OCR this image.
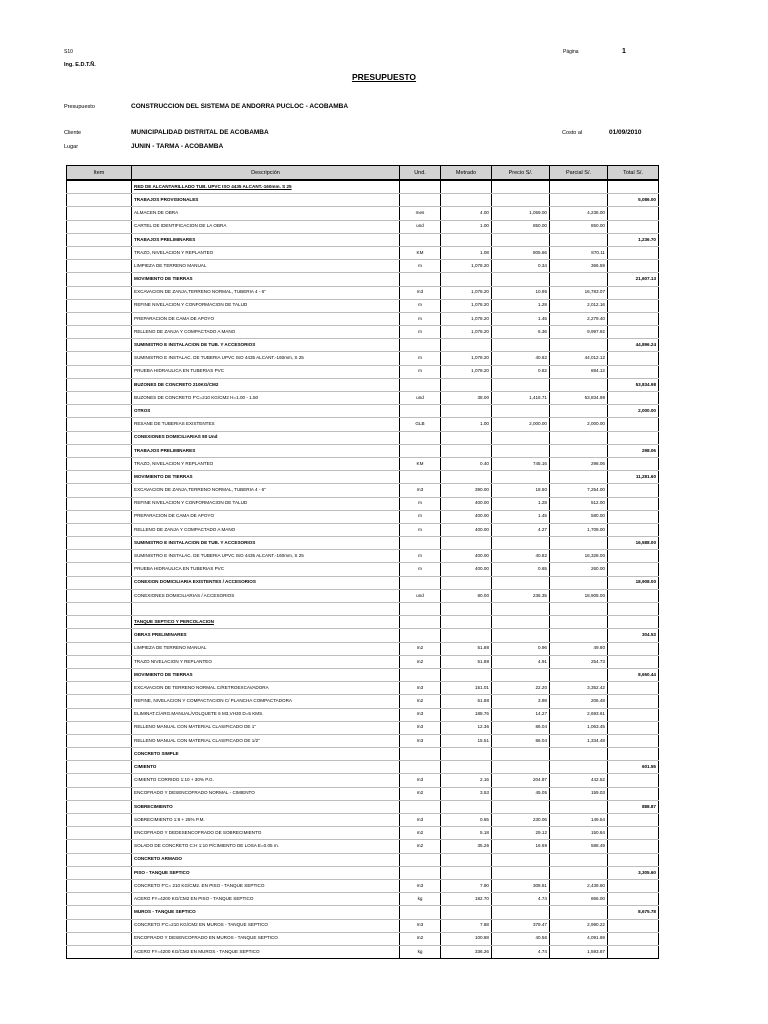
S10	Página	1
Ing. E.D.T.Ñ.
PRESUPUESTO
Presupuesto	CONSTRUCCION DEL SISTEMA DE ANDORRA PUCLOC - ACOBAMBA
Cliente	MUNICIPALIDAD DISTRITAL DE ACOBAMBA	Costo al	01/09/2010
Lugar	JUNIN - TARMA - ACOBAMBA
Item	Descripción	Und.	Metrado	Precio S/.	Parcial S/.	Total S/.
	RED DE ALCANTARILLADO TUB. UPVC ISO 4435 ALCANT.-160mm. S 25					
	TRABAJOS PROVISIONALES					5,086.00
	ALMACEN DE OBRA	mes	4.00	1,059.00	4,236.00	
	CARTEL DE IDENTIFICACION DE LA OBRA	und	1.00	850.00	850.00	
	TRABAJOS PRELIMINARES					1,236.70
	TRAZO, NIVELACION Y REPLANTEO	KM	1.08	805.66	870.11	
	LIMPIEZA DE TERRENO MANUAL	m	1,078.20	0.34	366.59	
	MOVIMIENTO DE TIERRAS					21,607.13
	EXCAVACION DE ZANJA,TERRENO NORMAL, TUBERIA 4 - 6"	m3	1,078.20	10.95	16,783.07	
	REFINE NIVELACION Y CONFORMACION DE TALUD	m	1,078.20	1.28	2,012.16	
	PREPARACION DE CAMA DE APOYO	m	1,078.20	1.45	2,279.40	
	RELLENO DE ZANJA Y COMPACTADO A MANO	m	1,078.20	6.36	9,997.92	
	SUMINISTRO E INSTALACION DE TUB. Y ACCESORIOS					44,896.24
	SUMINISTRO E INSTALAC. DE TUBERIA UPVC ISO 4435 ALCANT.-160mm, S 25	m	1,078.20	40.82	44,012.12	
	PRUEBA HIDRAULICA EN TUBERIAS PVC	m	1,078.20	0.82	884.12	
	BUZONES DE CONCRETO 210KG/CM2					53,834.98
	BUZONES DE CONCRETO F'C=210 KG/CM2 H=1.00 - 1.50	und	38.00	1,416.71	53,834.98	
	OTROS					2,000.00
	RESANE DE TUBERIAS EXISTENTES	GLB	1.00	2,000.00	2,000.00	
	CONEXIONES DOMICILIARIAS 80 Und					
	TRABAJOS PRELIMINARES					298.06
	TRAZO, NIVELACION Y REPLANTEO	KM	0.40	745.16	298.06	
	MOVIMIENTO DE TIERRAS					11,281.60
	EXCAVACION DE ZANJA,TERRENO NORMAL, TUBERIA 4 - 6"	m3	390.00	18.60	7,254.00	
	REFINE NIVELACION Y CONFORMACION DE TALUD	m	400.00	1.28	512.00	
	PREPARACION DE CAMA DE APOYO	m	400.00	1.45	580.00	
	RELLENO DE ZANJA Y COMPACTADO A MANO	m	400.00	4.27	1,708.00	
	SUMINISTRO E INSTALACION DE TUB. Y ACCESORIOS					16,588.00
	SUMINISTRO E INSTALAC. DE TUBERIA UPVC ISO 4435 ALCANT.-160mm, S 25	m	400.00	40.82	16,328.00	
	PRUEBA HIDRAULICA EN TUBERIAS PVC	m	400.00	0.65	260.00	
	CONEXION DOMICILIARIA EXISTENTES / ACCESORIOS					18,908.00
	CONEXIONES DOMICILIARIAS / ACCESORIOS	und	80.00	236.35	18,908.00	

	TANQUE SEPTICO Y PERCOLACION					
	OBRAS PRELIMINARES					304.53
	LIMPIEZA DE TERRENO MANUAL	m2	51.88	0.96	49.80	
	TRAZO NIVELACION Y REPLANTEO	m2	51.88	4.91	254.73	
	MOVIMIENTO DE TIERRAS					8,650.44
	EXCAVACION DE TERRENO NORMAL C/RETROEXCAVADORA	m3	151.01	22.20	3,352.42	
	REFINE, NIVELACION Y COMPACTACION C/ PLANCHA COMPACTADORA	m2	51.88	3.98	206.48	
	ELIMINAT.C/ARG.MANUAL/VOLQUETE 6 M3,VH30 D=5 KMS.	m3	188.76	14.27	2,693.61	
	RELLENO MANUAL CON MATERIAL CLASIFICADO DE 1"	m3	12.36	86.04	1,063.45	
	RELLENO MANUAL CON MATERIAL CLASIFICADO DE 1/2"	m3	15.51	86.04	1,334.48	
	CONCRETO SIMPLE					
	CIMIENTO					601.55
	CIMIENTO CORRIDO 1:10 + 30% P.G.	m3	2.16	204.87	442.52	
	ENCOFRADO Y DESENCOFRADO NORMAL - CIMIENTO	m2	3.53	45.05	159.03	
	SOBRECIMIENTO					888.87
	SOBRECIMIENTO 1:8 + 25% P.M.	m3	0.65	230.06	149.54	
	ENCOFRADO Y DEDESENCOFRADO DE SOBRECIMIENTO	m2	5.18	29.12	150.84	
	SOLADO DE CONCRETO C:H 1:10 P/CIMIENTO DE LOSA E=0.05 m.	m2	35.26	16.69	588.49	
	CONCRETO ARMADO					
	PISO - TANQUE SEPTICO					3,305.60
	CONCRETO F'C= 210 KG/CM2. EN PISO - TANQUE SEPTICO	m3	7.90	308.81	2,439.60	
	ACERO FY=4200 KG/CM2 EN PISO - TANQUE SEPTICO	kg	182.70	4.74	866.00	
	MUROS - TANQUE SEPTICO					8,675.78
	CONCRETO F'C=210 KG/CM2 EN MUROS - TANQUE SEPTICO	m3	7.88	379.47	2,990.22	
	ENCOFRADO Y DESENCOFRADO EN MUROS - TANQUE SEPTICO	m2	100.88	40.56	4,091.69	
	ACERO FY=4200 KG/CM2 EN MUROS - TANQUE SEPTICO	kg	336.26	4.74	1,593.87	
